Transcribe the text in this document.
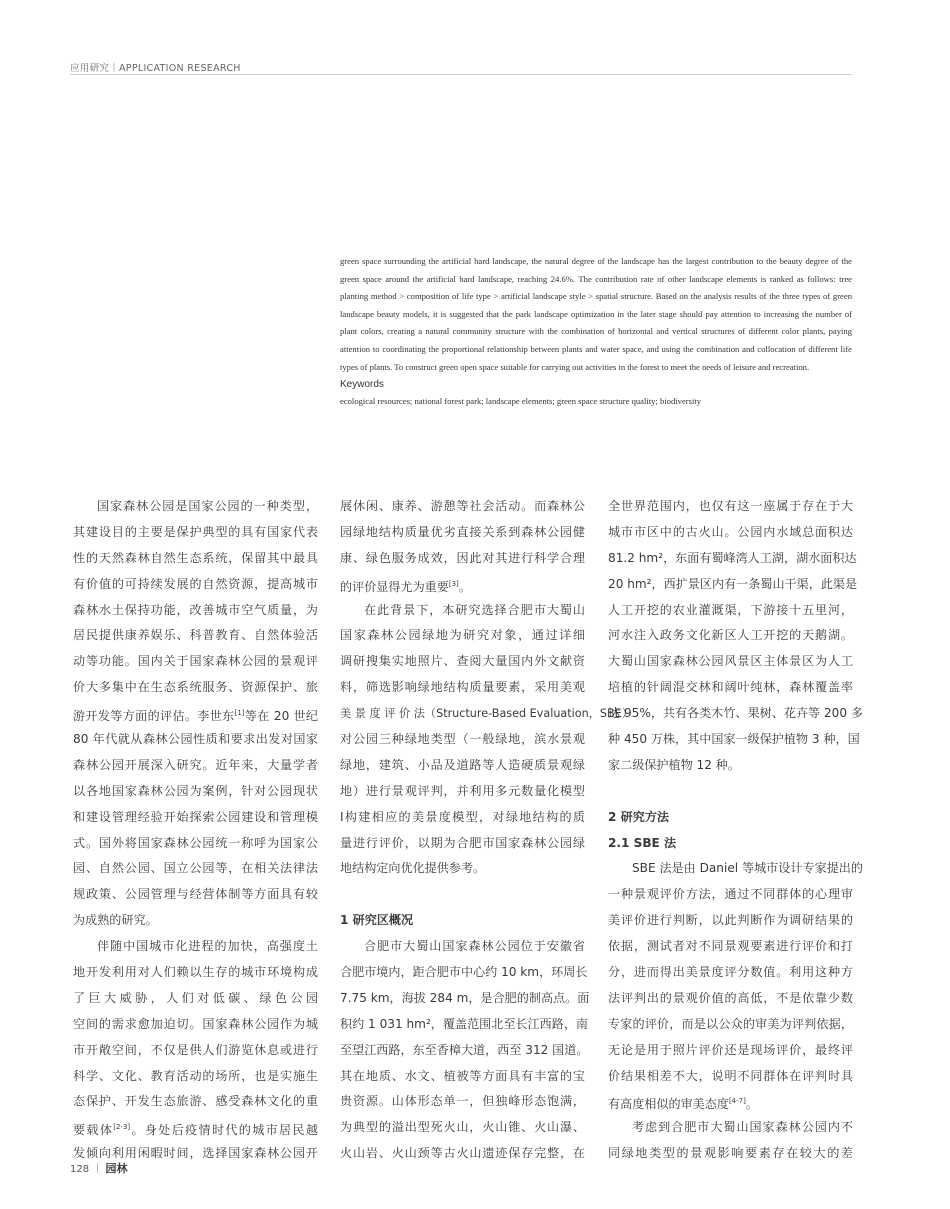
应用研究｜APPLICATION RESEARCH

green space surrounding the artificial hard landscape, the natural degree of the landscape has the largest contribution to the beauty degree of the green space around the artificial hard landscape, reaching 24.6%. The contribution rate of other landscape elements is ranked as follows: tree planting method > composition of life type > artificial landscape style > spatial structure. Based on the analysis results of the three types of green landscape beauty models, it is suggested that the park landscape optimization in the later stage should pay attention to increasing the number of plant colors, creating a natural community structure with the combination of horizontal and vertical structures of different color plants, paying attention to coordinating the proportional relationship between plants and water space, and using the combination and collocation of different life types of plants. To construct green open space suitable for carrying out activities in the forest to meet the needs of leisure and recreation.

Keywords

ecological resources; national forest park; landscape elements; green space structure quality; biodiversity

国家森林公园是国家公园的一种类型，
其建设目的主要是保护典型的具有国家代表
性的天然森林自然生态系统，保留其中最具
有价值的可持续发展的自然资源，提高城市
森林水土保持功能，改善城市空气质量，为
居民提供康养娱乐、科普教育、自然体验活
动等功能。国内关于国家森林公园的景观评
价大多集中在生态系统服务、资源保护、旅
游开发等方面的评估。李世东[1]等在 20 世纪
80 年代就从森林公园性质和要求出发对国家
森林公园开展深入研究。近年来，大量学者
以各地国家森林公园为案例，针对公园现状
和建设管理经验开始探索公园建设和管理模
式。国外将国家森林公园统一称呼为国家公
园、自然公园、国立公园等，在相关法律法
规政策、公园管理与经营体制等方面具有较
为成熟的研究。
伴随中国城市化进程的加快，高强度土
地开发利用对人们赖以生存的城市环境构成
了巨大威胁，人们对低碳、绿色公园
空间的需求愈加迫切。国家森林公园作为城
市开敞空间，不仅是供人们游览休息或进行
科学、文化、教育活动的场所，也是实施生
态保护、开发生态旅游、感受森林文化的重
要载体[2-3]。身处后疫情时代的城市居民越
发倾向利用闲暇时间，选择国家森林公园开
展休闲、康养、游憩等社会活动。而森林公
园绿地结构质量优劣直接关系到森林公园健
康、绿色服务成效，因此对其进行科学合理
的评价显得尤为重要[3]。
在此背景下，本研究选择合肥市大蜀山
国家森林公园绿地为研究对象，通过详细
调研搜集实地照片、查阅大量国内外文献资
料，筛选影响绿地结构质量要素，采用美观
美 景 度 评 价 法（Structure-Based Evaluation，SBE）
对公园三种绿地类型（一般绿地，滨水景观
绿地，建筑、小品及道路等人造硬质景观绿
地）进行景观评判，并利用多元数量化模型
Ⅰ构建相应的美景度模型，对绿地结构的质
量进行评价，以期为合肥市国家森林公园绿
地结构定向优化提供参考。
1 研究区概况
合肥市大蜀山国家森林公园位于安徽省
合肥市境内，距合肥市中心约 10 km，环周长
7.75 km，海拔 284 m，是合肥的制高点。面
积约 1 031 hm²，覆盖范围北至长江西路，南
至望江西路，东至香樟大道，西至 312 国道。
其在地质、水文、植被等方面具有丰富的宝
贵资源。山体形态单一，但独峰形态饱满，
为典型的溢出型死火山，火山锥、火山瀑、
火山岩、火山颈等古火山遗迹保存完整，在
全世界范围内，也仅有这一座属于存在于大
城市市区中的古火山。公园内水域总面积达
81.2 hm²，东面有蜀峰湾人工湖，湖水面积达
20 hm²，西扩景区内有一条蜀山干渠，此渠是
人工开挖的农业灌溉渠，下游接十五里河，
河水注入政务文化新区人工开挖的天鹅湖。
大蜀山国家森林公园风景区主体景区为人工
培植的针阔混交林和阔叶纯林，森林覆盖率
达 95%，共有各类木竹、果树、花卉等 200 多
种 450 万株，其中国家一级保护植物 3 种，国
家二级保护植物 12 种。
2 研究方法
2.1 SBE 法
SBE 法是由 Daniel 等城市设计专家提出的
一种景观评价方法，通过不同群体的心理审
美评价进行判断，以此判断作为调研结果的
依据，测试者对不同景观要素进行评价和打
分，进而得出美景度评分数值。利用这种方
法评判出的景观价值的高低，不是依靠少数
专家的评价，而是以公众的审美为评判依据，
无论是用于照片评价还是现场评价，最终评
价结果相差不大，说明不同群体在评判时具
有高度相似的审美态度[4-7]。
考虑到合肥市大蜀山国家森林公园内不
同绿地类型的景观影响要素存在较大的差
128 ｜ 园林
